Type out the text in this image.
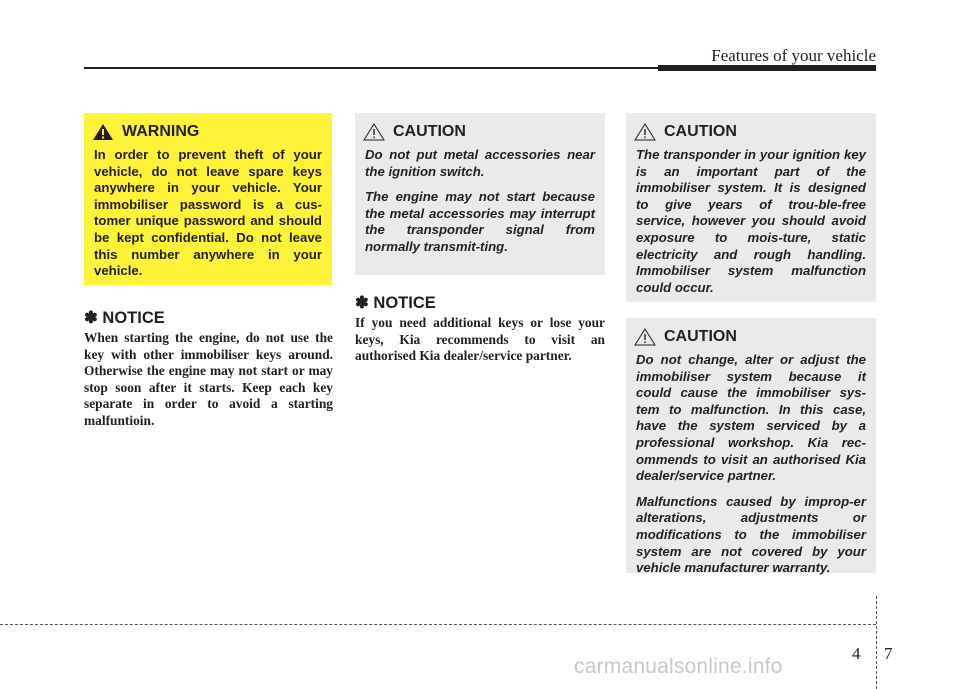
Features of your vehicle
WARNING

In order to prevent theft of your vehicle, do not leave spare keys anywhere in your vehicle. Your immobiliser password is a cus-tomer unique password and should be kept confidential. Do not leave this number anywhere in your vehicle.

✽ NOTICE
When starting the engine, do not use the key with other immobiliser keys around. Otherwise the engine may not start or may stop soon after it starts. Keep each key separate in order to avoid a starting malfuntioin.
CAUTION

Do not put metal accessories near the ignition switch.

The engine may not start because the metal accessories may interrupt the transponder signal from normally transmit-ting.

✽ NOTICE
If you need additional keys or lose your keys, Kia recommends to visit an authorised Kia dealer/service partner.
CAUTION

The transponder in your ignition key is an important part of the immobiliser system. It is designed to give years of trou-ble-free service, however you should avoid exposure to mois-ture, static electricity and rough handling. Immobiliser system malfunction could occur.

CAUTION

Do not change, alter or adjust the immobiliser system because it could cause the immobiliser sys-tem to malfunction. In this case, have the system serviced by a professional workshop. Kia rec-ommends to visit an authorised Kia dealer/service partner.

Malfunctions caused by improp-er alterations, adjustments or modifications to the immobiliser system are not covered by your vehicle manufacturer warranty.

4 7
carmanualsonline.info
